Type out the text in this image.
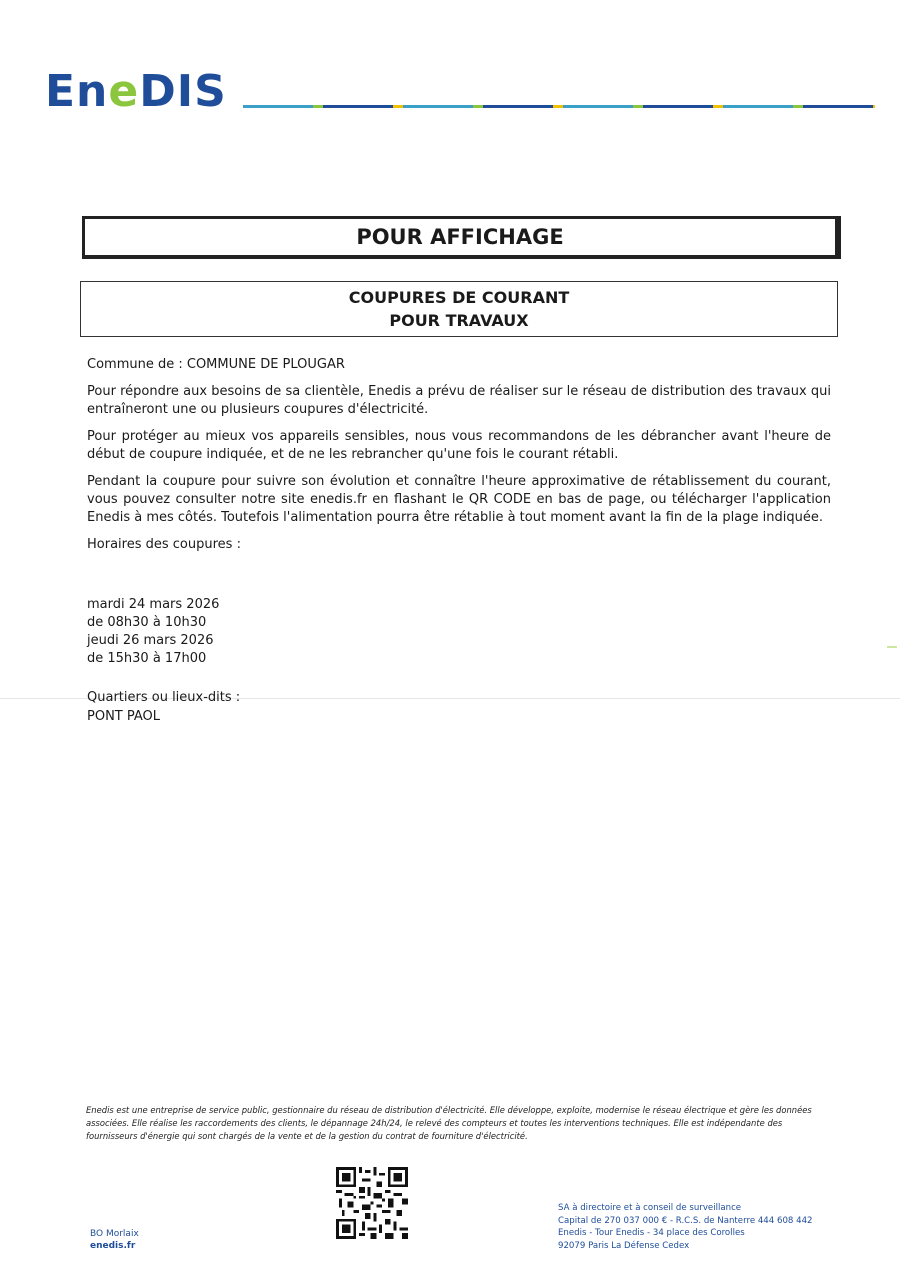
EneDIS
POUR AFFICHAGE
COUPURES DE COURANT
POUR TRAVAUX

Commune de : COMMUNE DE PLOUGAR

Pour répondre aux besoins de sa clientèle, Enedis a prévu de réaliser sur le réseau de distribution des travaux qui entraîneront une ou plusieurs coupures d'électricité.

Pour protéger au mieux vos appareils sensibles, nous vous recommandons de les débrancher avant l'heure de début de coupure indiquée, et de ne les rebrancher qu'une fois le courant rétabli.

Pendant la coupure pour suivre son évolution et connaître l'heure approximative de rétablissement du courant, vous pouvez consulter notre site enedis.fr en flashant le QR CODE en bas de page, ou télécharger l'application Enedis à mes côtés. Toutefois l'alimentation pourra être rétablie à tout moment avant la fin de la plage indiquée.

Horaires des coupures :

mardi 24 mars 2026
de 08h30 à 10h30
jeudi 26 mars 2026
de 15h30 à 17h00
Quartiers ou lieux-dits :
PONT PAOL
Enedis est une entreprise de service public, gestionnaire du réseau de distribution d'électricité. Elle développe, exploite, modernise le réseau électrique et gère les données associées. Elle réalise les raccordements des clients, le dépannage 24h/24, le relevé des compteurs et toutes les interventions techniques. Elle est indépendante des fournisseurs d'énergie qui sont chargés de la vente et de la gestion du contrat de fourniture d'électricité.
BO Morlaix
enedis.fr
SA à directoire et à conseil de surveillance
Capital de 270 037 000 € - R.C.S. de Nanterre 444 608 442
Enedis - Tour Enedis - 34 place des Corolles
92079 Paris La Défense Cedex
